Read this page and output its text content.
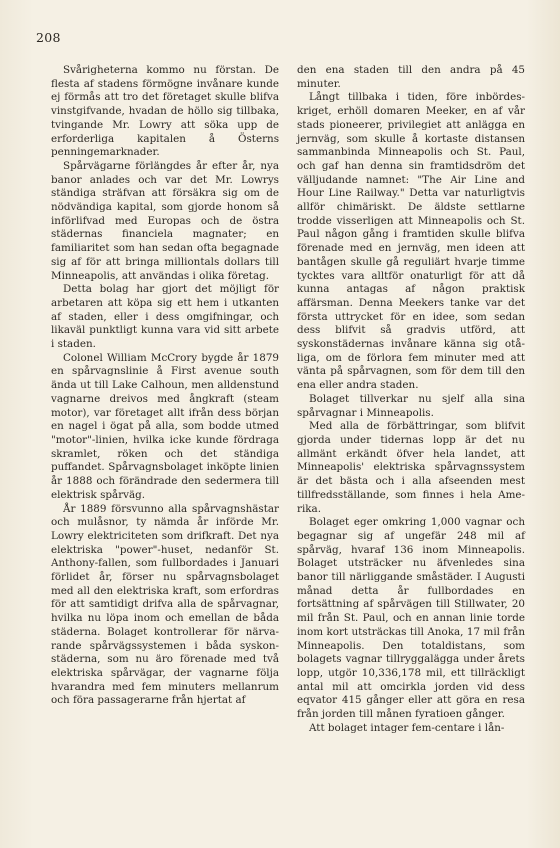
208

Svårigheterna kommo nu förstan. De flesta af stadens förmögne invånare kunde ej förmås att tro det företaget skulle blifva vinstgifvande, hvadan de höllo sig tillbaka, tvingande Mr. Lowry att söka upp de erforderliga kapitalen å Österns penningemarknader.

Spårvägarne förlängdes år efter år, nya banor anlades och var det Mr. Lowrys ständiga sträfvan att försäkra sig om de nödvändiga kapital, som gjorde honom så införlifvad med Europas och de östra städernas financiela magnater; en familiaritet som han sedan ofta begagnade sig af för att bringa milliontals dollars till Minneapolis, att användas i olika företag.

Detta bolag har gjort det möjligt för arbetaren att köpa sig ett hem i utkanten af staden, eller i dess omgifningar, och likaväl punktligt kunna vara vid sitt arbete i staden.

Colonel William McCrory bygde år 1879 en spårvagnslinie å First avenue south ända ut till Lake Calhoun, men alldenstund vagnarne dreivos med ångkraft (steam motor), var företaget allt ifrån dess början en nagel i ögat på alla, som bodde utmed "motor"-linien, hvilka icke kunde fördraga skramlet, röken och det ständiga puffandet. Spårvagnsbolaget inköpte linien år 1888 och förändrade den sedermera till elektrisk spårväg.

År 1889 försvunno alla spårvagnshästar och mulåsnor, ty nämda år införde Mr. Lowry elektriciteten som drifkraft. Det nya elektriska "power"-huset, nedanför St. Anthony-fallen, som fullbordades i Januari förlidet år, förser nu spårvagnsbolaget med all den elektriska kraft, som erfordras för att samtidigt drifva alla de spårvagnar, hvilka nu löpa inom och emellan de båda städerna. Bolaget kontrollerar för närvarande spårvägssystemen i båda syskonstäderna, som nu äro förenade med två elektriska spårvägar, der vagnarne följa hvarandra med fem minuters mellanrum och föra passagerarne från hjertat af

den ena staden till den andra på 45 minuter.

Långt tillbaka i tiden, före inbördeskriget, erhöll domaren Meeker, en af vår stads pioneerer, privilegiet att anlägga en jernväg, som skulle å kortaste distansen sammanbinda Minneapolis och St. Paul, och gaf han denna sin framtidsdröm det välljudande namnet: "The Air Line and Hour Line Railway." Detta var naturligtvis allför chimäriskt. De äldste settlarne trodde visserligen att Minneapolis och St. Paul någon gång i framtiden skulle blifva förenade med en jernväg, men ideen att bantågen skulle gå reguliärt hvarje timme tycktes vara alltför onaturligt för att då kunna antagas af någon praktisk affärsman. Denna Meekers tanke var det första uttrycket för en idee, som sedan dess blifvit så gradvis utförd, att syskonstädernas invånare känna sig otåliga, om de förlora fem minuter med att vänta på spårvagnen, som för dem till den ena eller andra staden.

Bolaget tillverkar nu sjelf alla sina spårvagnar i Minneapolis.

Med alla de förbättringar, som blifvit gjorda under tidernas lopp är det nu allmänt erkändt öfver hela landet, att Minneapolis' elektriska spårvagnssystem är det bästa och i alla afseenden mest tillfredsställande, som finnes i hela Amerika.

Bolaget eger omkring 1,000 vagnar och begagnar sig af ungefär 248 mil af spårväg, hvaraf 136 inom Minneapolis. Bolaget utsträcker nu äfvenledes sina banor till närliggande småstäder. I Augusti månad detta år fullbordades en fortsättning af spårvägen till Stillwater, 20 mil från St. Paul, och en annan linie torde inom kort utsträckas till Anoka, 17 mil från Minneapolis. Den totaldistans, som bolagets vagnar tillryggalägga under årets lopp, utgör 10,336,178 mil, ett tillräckligt antal mil att omcirkla jorden vid dess eqvator 415 gånger eller att göra en resa från jorden till månen fyratioen gånger.

Att bolaget intager fem-centare i lån-
